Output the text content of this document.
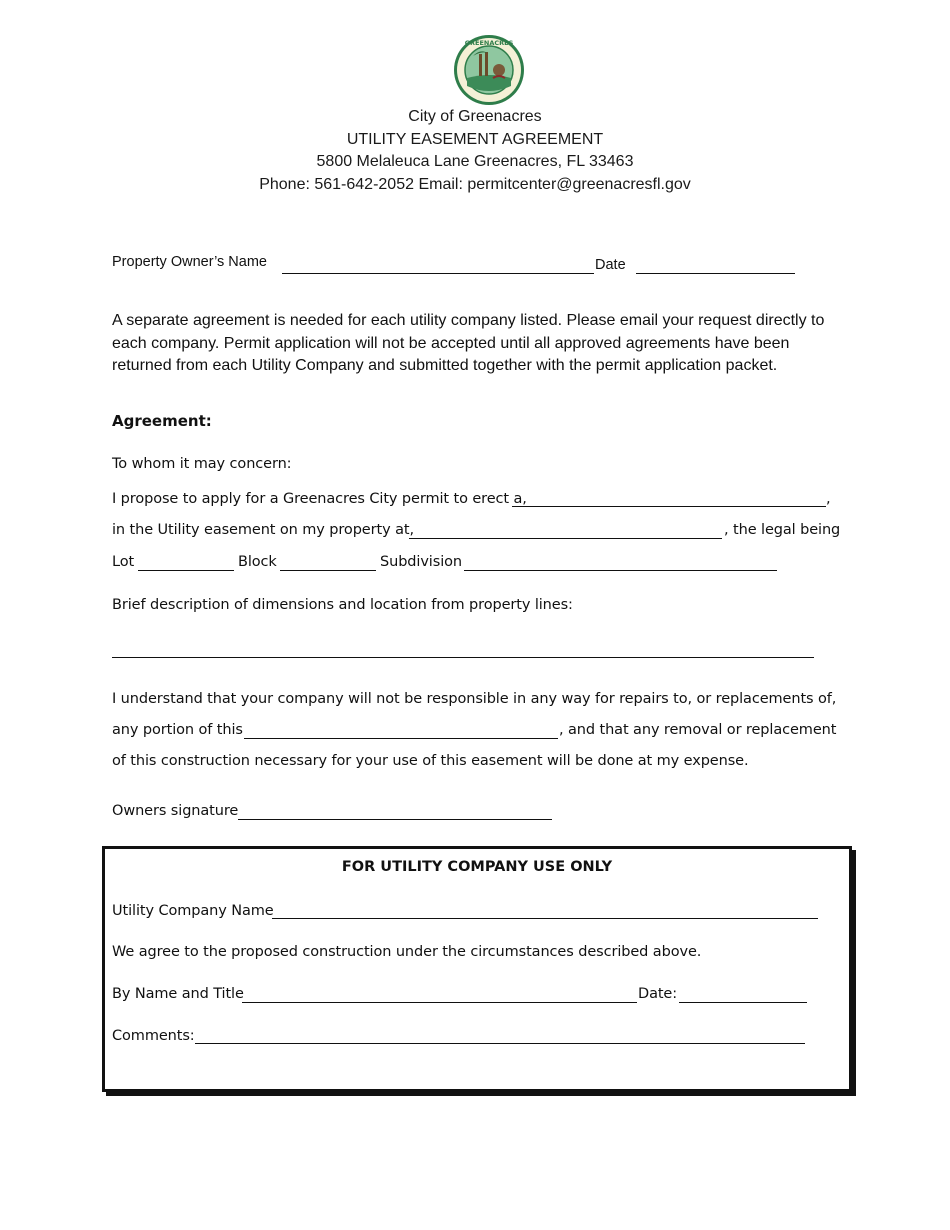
GREENACRES
City of Greenacres
UTILITY EASEMENT AGREEMENT
5800 Melaleuca Lane Greenacres, FL 33463
Phone: 561-642-2052 Email: permitcenter@greenacresfl.gov
Property Owner’s Name	Date
A separate agreement is needed for each utility company listed. Please email your request directly to each company. Permit application will not be accepted until all approved agreements have been returned from each Utility Company and submitted together with the permit application packet.
Agreement:
To whom it may concern:
I propose to apply for a Greenacres City permit to erect a,	,
in the Utility easement on my property at,	, the legal being
Lot	Block	Subdivision
Brief description of dimensions and location from property lines:
I understand that your company will not be responsible in any way for repairs to, or replacements of,
any portion of this	, and that any removal or replacement
of this construction necessary for your use of this easement will be done at my expense.
Owners signature
FOR UTILITY COMPANY USE ONLY
Utility Company Name
We agree to the proposed construction under the circumstances described above.
By Name and Title	Date:
Comments:
